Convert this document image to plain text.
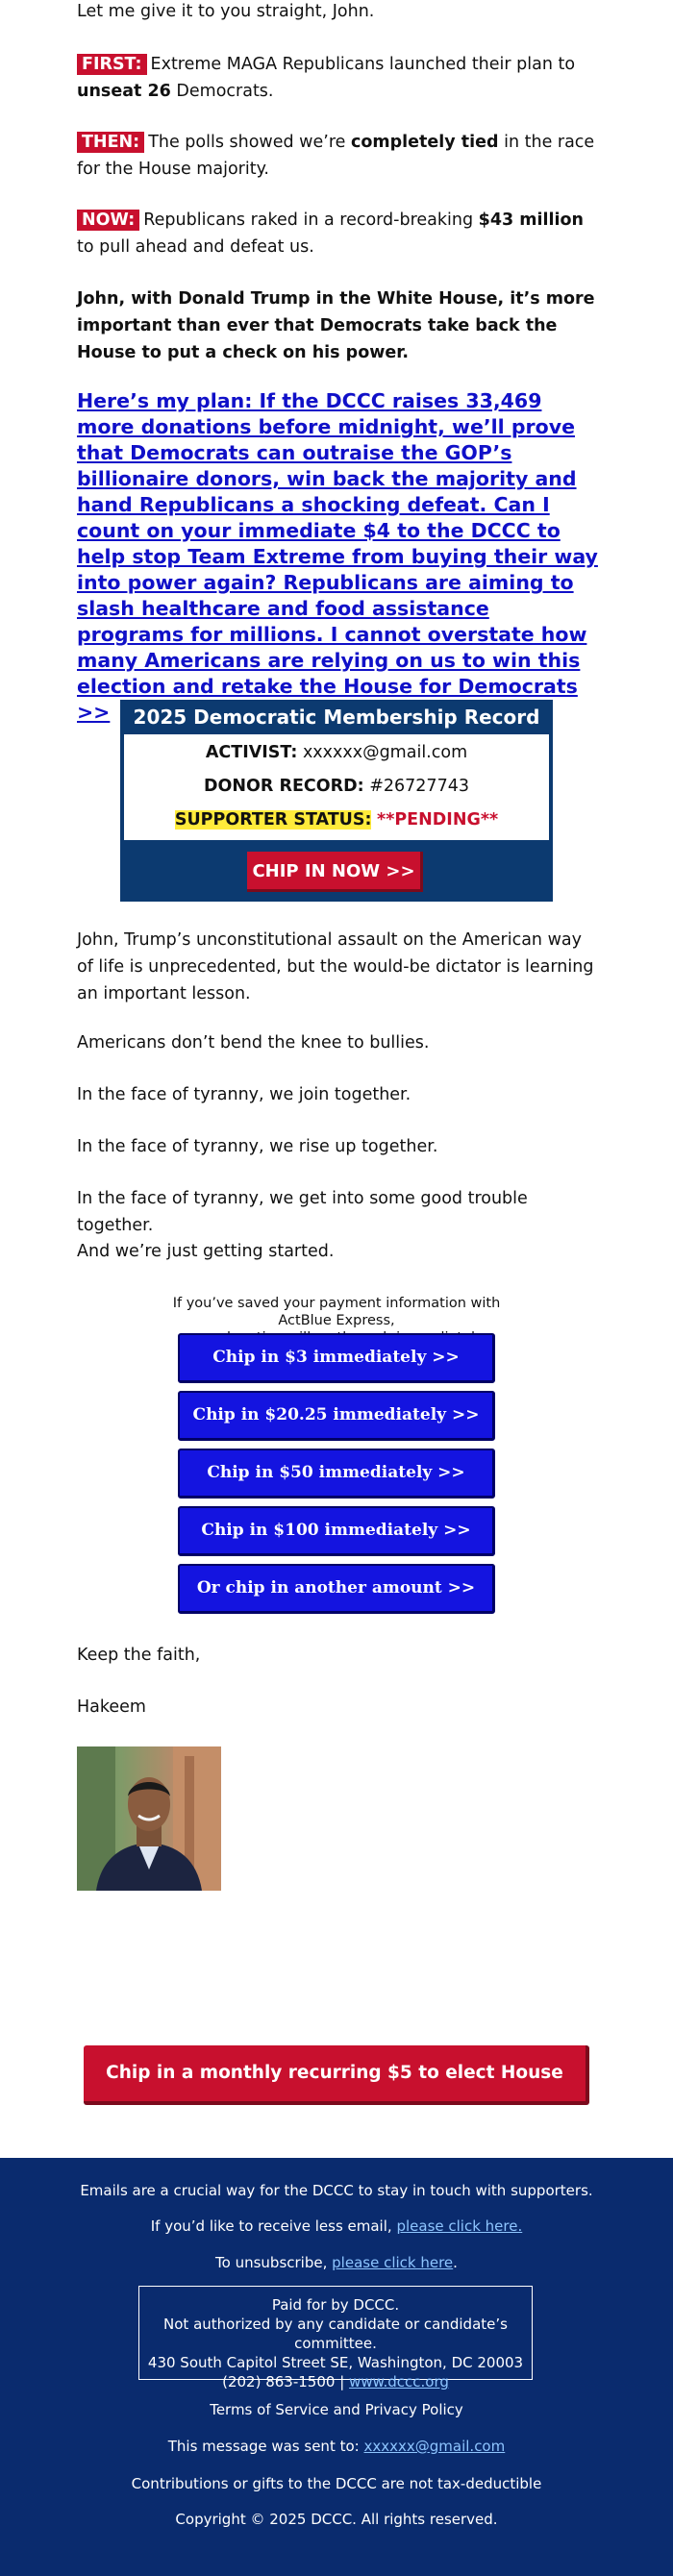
Let me give it to you straight, John.

FIRST: Extreme MAGA Republicans launched their plan to unseat 26 Democrats.

THEN: The polls showed we’re completely tied in the race for the House majority.

NOW: Republicans raked in a record-breaking $43 million to pull ahead and defeat us.

John, with Donald Trump in the White House, it’s more important than ever that Democrats take back the House to put a check on his power.

Here’s my plan: If the DCCC raises 33,469 more donations before midnight, we’ll prove that Democrats can outraise the GOP’s billionaire donors, win back the majority and hand Republicans a shocking defeat. Can I count on your immediate $4 to the DCCC to help stop Team Extreme from buying their way into power again? Republicans are aiming to slash healthcare and food assistance programs for millions. I cannot overstate how many Americans are relying on us to win this election and retake the House for Democrats >>	2025 Democratic Membership Record
ACTIVIST: xxxxxx@gmail.com
DONOR RECORD: #26727743
SUPPORTER STATUS: **PENDING**
CHIP IN NOW >>

John, Trump’s unconstitutional assault on the American way of life is unprecedented, but the would-be dictator is learning an important lesson.

Americans don’t bend the knee to bullies.

In the face of tyranny, we join together.

In the face of tyranny, we rise up together.

In the face of tyranny, we get into some good trouble together.

And we’re just getting started.

If you’ve saved your payment information with ActBlue Express,
Chip in $3 immediately >>
Chip in $20.25 immediately >>
Chip in $50 immediately >>
Chip in $100 immediately >>
Or chip in another amount >>

Keep the faith,

Hakeem

Chip in a monthly recurring $5 to elect House Dems >>
Emails are a crucial way for the DCCC to stay in touch with supporters.
If you’d like to receive less email, please click here.
To unsubscribe, please click here.
Paid for by DCCC.
Not authorized by any candidate or candidate’s committee.
430 South Capitol Street SE, Washington, DC 20003
(202) 863-1500 | www.dccc.org
Terms of Service and Privacy Policy
This message was sent to: xxxxxx@gmail.com
Contributions or gifts to the DCCC are not tax-deductible
Copyright © 2025 DCCC. All rights reserved.
